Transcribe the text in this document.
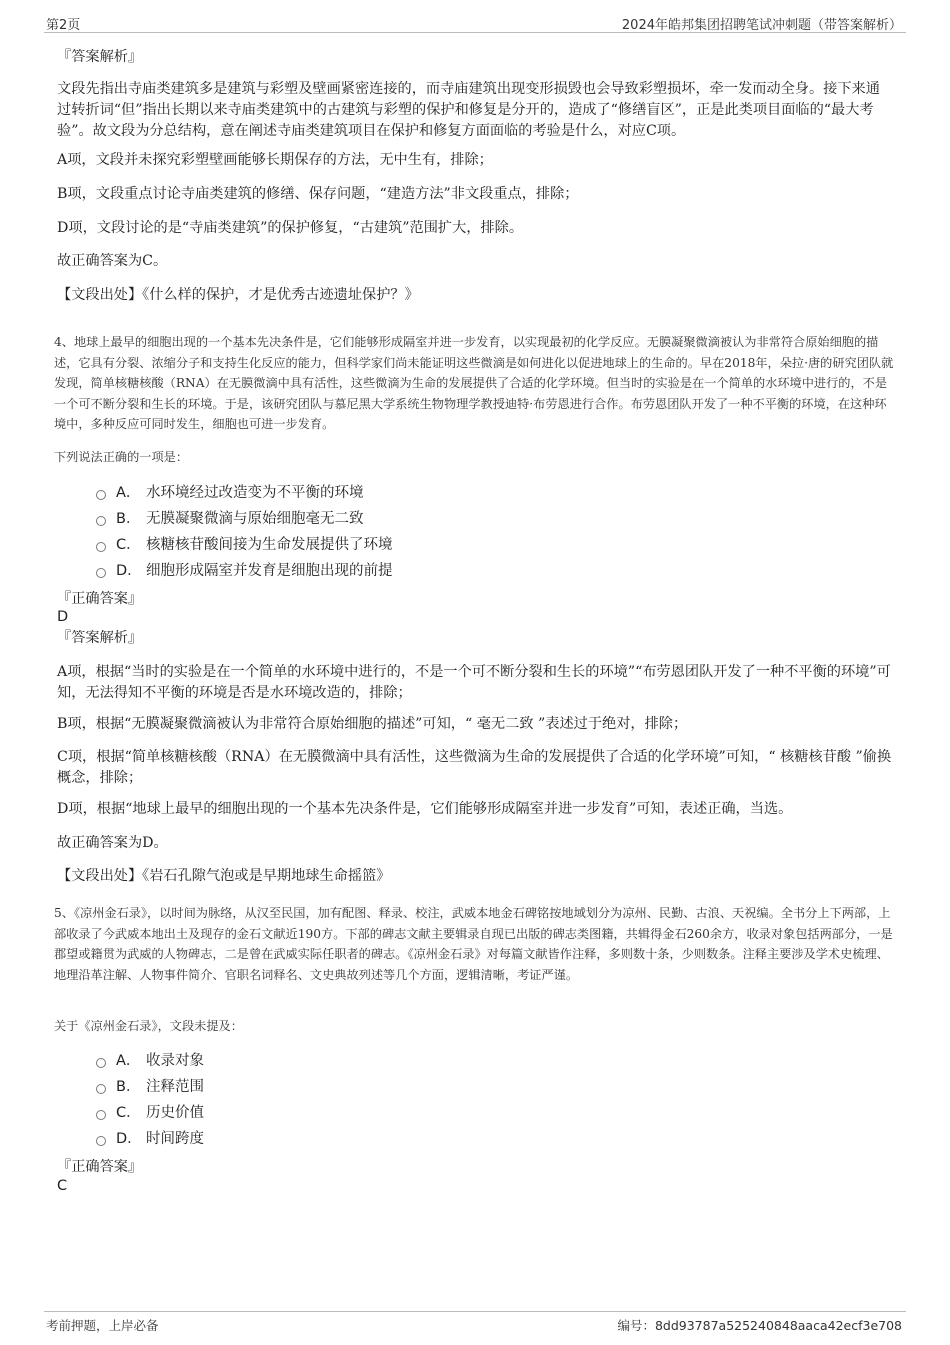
第2页	2024年皓邦集团招聘笔试冲刺题（带答案解析）

『答案解析』

文段先指出寺庙类建筑多是建筑与彩塑及壁画紧密连接的，而寺庙建筑出现变形损毁也会导致彩塑损坏，牵一发而动全身。接下来通过转折词“但”指出长期以来寺庙类建筑中的古建筑与彩塑的保护和修复是分开的，造成了“修缮盲区”，正是此类项目面临的“最大考验”。故文段为分总结构，意在阐述寺庙类建筑项目在保护和修复方面面临的考验是什么，对应C项。

A项，文段并未探究彩塑壁画能够长期保存的方法，无中生有，排除；

B项，文段重点讨论寺庙类建筑的修缮、保存问题，“建造方法”非文段重点，排除；

D项，文段讨论的是“寺庙类建筑”的保护修复，“古建筑”范围扩大，排除。

故正确答案为C。

【文段出处】《什么样的保护，才是优秀古迹遗址保护？》

4、地球上最早的细胞出现的一个基本先决条件是，它们能够形成隔室并进一步发育，以实现最初的化学反应。无膜凝聚微滴被认为非常符合原始细胞的描述，它具有分裂、浓缩分子和支持生化反应的能力，但科学家们尚未能证明这些微滴是如何进化以促进地球上的生命的。早在2018年，朵拉·唐的研究团队就发现，简单核糖核酸（RNA）在无膜微滴中具有活性，这些微滴为生命的发展提供了合适的化学环境。但当时的实验是在一个简单的水环境中进行的，不是一个可不断分裂和生长的环境。于是，该研究团队与慕尼黑大学系统生物物理学教授迪特·布劳恩进行合作。布劳恩团队开发了一种不平衡的环境，在这种环境中，多种反应可同时发生，细胞也可进一步发育。

下列说法正确的一项是：

A． 水环境经过改造变为不平衡的环境
B． 无膜凝聚微滴与原始细胞毫无二致
C． 核糖核苷酸间接为生命发展提供了环境
D． 细胞形成隔室并发育是细胞出现的前提

『正确答案』

D

『答案解析』

A项，根据“当时的实验是在一个简单的水环境中进行的，不是一个可不断分裂和生长的环境”“布劳恩团队开发了一种不平衡的环境”可知，无法得知不平衡的环境是否是水环境改造的，排除；

B项，根据“无膜凝聚微滴被认为非常符合原始细胞的描述”可知，“ 毫无二致 ”表述过于绝对，排除；

C项，根据“简单核糖核酸（RNA）在无膜微滴中具有活性，这些微滴为生命的发展提供了合适的化学环境”可知，“ 核糖核苷酸 ”偷换概念，排除；

D项，根据“地球上最早的细胞出现的一个基本先决条件是，它们能够形成隔室并进一步发育”可知，表述正确，当选。

故正确答案为D。

【文段出处】《岩石孔隙气泡或是早期地球生命摇篮》

5、《凉州金石录》，以时间为脉络，从汉至民国，加有配图、释录、校注，武威本地金石碑铭按地域划分为凉州、民勤、古浪、天祝编。全书分上下两部，上部收录了今武威本地出土及现存的金石文献近190方。下部的碑志文献主要辑录自现已出版的碑志类图籍，共辑得金石260余方，收录对象包括两部分，一是郡望或籍贯为武威的人物碑志，二是曾在武威实际任职者的碑志。《凉州金石录》对每篇文献皆作注释，多则数十条，少则数条。注释主要涉及学术史梳理、地理沿革注解、人物事件简介、官职名词释名、文史典故列述等几个方面，逻辑清晰，考证严谨。

关于《凉州金石录》，文段未提及：

A． 收录对象
B． 注释范围
C． 历史价值
D． 时间跨度

『正确答案』

C

考前押题，上岸必备	编号：8dd93787a525240848aaca42ecf3e708
